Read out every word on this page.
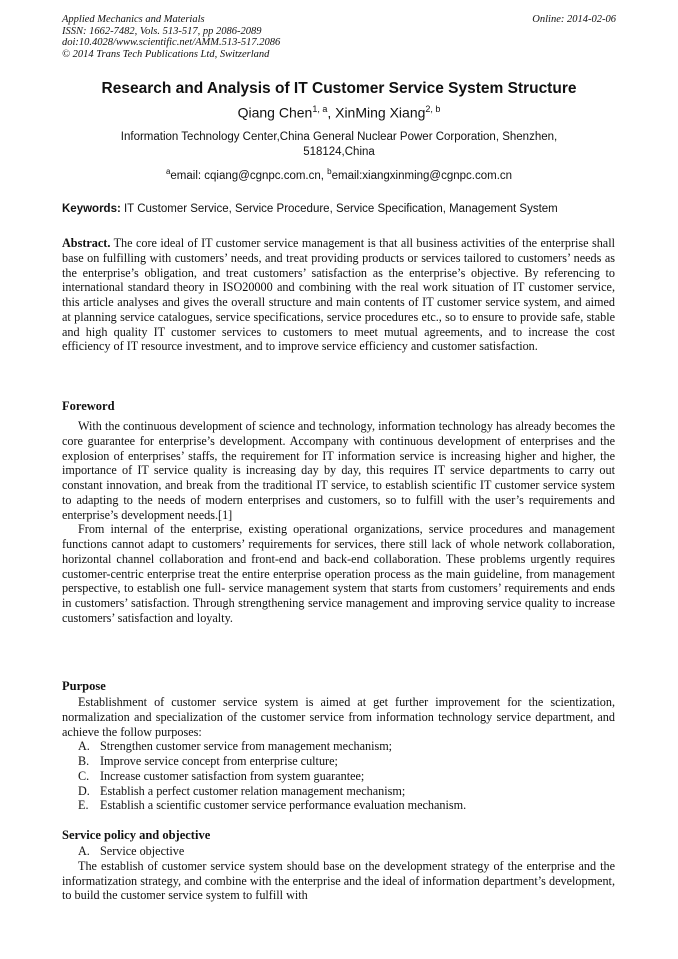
Applied Mechanics and Materials
ISSN: 1662-7482, Vols. 513-517, pp 2086-2089
doi:10.4028/www.scientific.net/AMM.513-517.2086
© 2014 Trans Tech Publications Ltd, Switzerland
Online: 2014-02-06
Research and Analysis of IT Customer Service System Structure
Qiang Chen$^{1, a}$, XinMing Xiang$^{2, b}$
Information Technology Center,China General Nuclear Power Corporation, Shenzhen, 518124,China
$^a$email: cqiang@cgnpc.com.cn, $^b$email:xiangxinming@cgnpc.com.cn
Keywords: IT Customer Service, Service Procedure, Service Specification, Management System

Abstract. The core ideal of IT customer service management is that all business activities of the enterprise shall base on fulfilling with customers’ needs, and treat providing products or services tailored to customers’ needs as the enterprise’s obligation, and treat customers’ satisfaction as the enterprise’s objective. By referencing to international standard theory in ISO20000 and combining with the real work situation of IT customer service, this article analyses and gives the overall structure and main contents of IT customer service system, and aimed at planning service catalogues, service specifications, service procedures etc., so to ensure to provide safe, stable and high quality IT customer services to customers to meet mutual agreements, and to increase the cost efficiency of IT resource investment, and to improve service efficiency and customer satisfaction.

Foreword

With the continuous development of science and technology, information technology has already becomes the core guarantee for enterprise’s development. Accompany with continuous development of enterprises and the explosion of enterprises’ staffs, the requirement for IT information service is increasing higher and higher, the importance of IT service quality is increasing day by day, this requires IT service departments to carry out constant innovation, and break from the traditional IT service, to establish scientific IT customer service system to adapting to the needs of modern enterprises and customers, so to fulfill with the user’s requirements and enterprise’s development needs.[1]

From internal of the enterprise, existing operational organizations, service procedures and management functions cannot adapt to customers’ requirements for services, there still lack of whole network collaboration, horizontal channel collaboration and front-end and back-end collaboration. These problems urgently requires customer-centric enterprise treat the entire enterprise operation process as the main guideline, from management perspective, to establish one full- service management system that starts from customers’ requirements and ends in customers’ satisfaction. Through strengthening service management and improving service quality to increase customers’ satisfaction and loyalty.

Purpose

Establishment of customer service system is aimed at get further improvement for the scientization, normalization and specialization of the customer service from information technology service department, and achieve the follow purposes:

A. Strengthen customer service from management mechanism;
B. Improve service concept from enterprise culture;
C. Increase customer satisfaction from system guarantee;
D. Establish a perfect customer relation management mechanism;
E. Establish a scientific customer service performance evaluation mechanism.
Service policy and objective
A. Service objective

The establish of customer service system should base on the development strategy of the enterprise and the informatization strategy, and combine with the enterprise and the ideal of information department’s development, to build the customer service system to fulfill with
